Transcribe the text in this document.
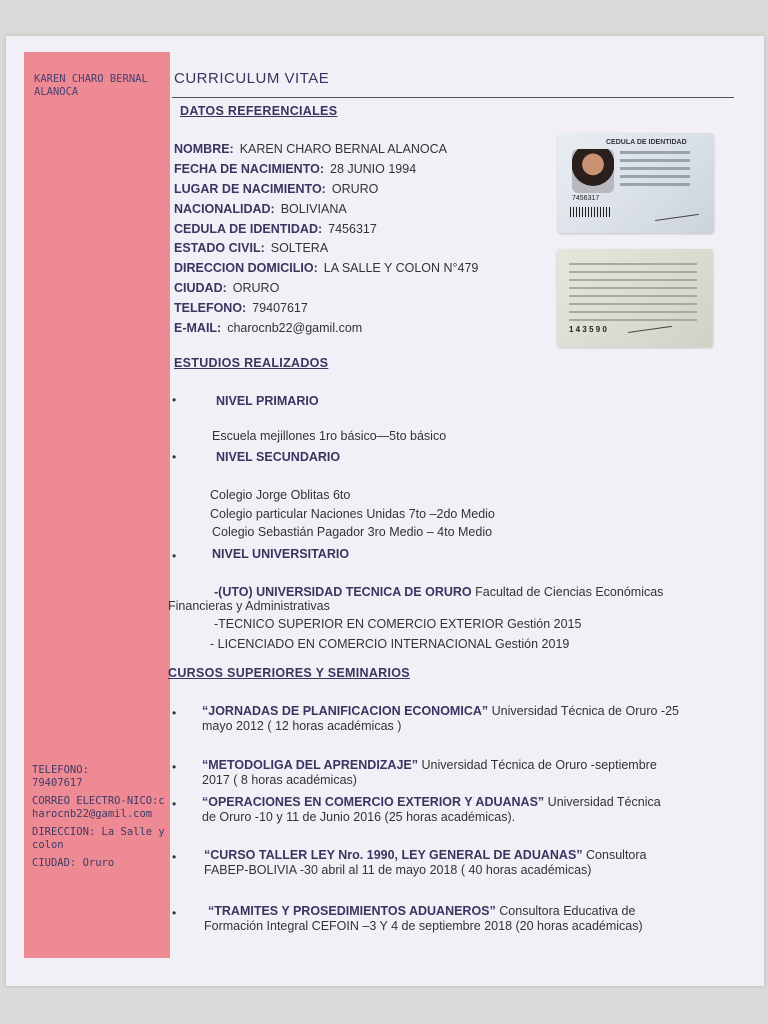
KAREN CHARO BERNAL ALANOCA
TELEFONO:
79407617
CORREO ELECTRO-NICO:charocnb22@gamil.com
DIRECCION: La Salle y colon
CIUDAD: Oruro
CURRICULUM VITAE
DATOS REFERENCIALES
NOMBRE: KAREN CHARO BERNAL ALANOCA
FECHA DE NACIMIENTO: 28 JUNIO 1994
LUGAR DE NACIMIENTO: ORURO
NACIONALIDAD: BOLIVIANA
CEDULA DE IDENTIDAD: 7456317
ESTADO CIVIL: SOLTERA
DIRECCION DOMICILIO: LA SALLE Y COLON N°479
CIUDAD: ORURO
TELEFONO: 79407617
E-MAIL: charocnb22@gamil.com
CEDULA DE IDENTIDAD
7456317
1 4 3 5 9 0
ESTUDIOS REALIZADOS
•	NIVEL PRIMARIO
Escuela mejillones 1ro básico—5to básico
•	NIVEL SECUNDARIO
Colegio Jorge Oblitas 6to
Colegio particular Naciones Unidas 7to –2do Medio
Colegio Sebastián Pagador 3ro Medio – 4to Medio
•	NIVEL UNIVERSITARIO
-(UTO) UNIVERSIDAD TECNICA DE ORURO Facultad de Ciencias Económicas
Financieras y Administrativas
-TECNICO SUPERIOR EN COMERCIO EXTERIOR Gestión 2015
- LICENCIADO EN COMERCIO INTERNACIONAL Gestión 2019
CURSOS SUPERIORES Y SEMINARIOS
• “JORNADAS DE PLANIFICACION ECONOMICA” Universidad Técnica de Oruro -25
mayo 2012 ( 12 horas académicas )
• “METODOLIGA DEL APRENDIZAJE” Universidad Técnica de Oruro -septiembre
2017 ( 8 horas académicas)
• “OPERACIONES EN COMERCIO EXTERIOR Y ADUANAS” Universidad Técnica
de Oruro -10 y 11 de Junio 2016 (25 horas académicas).
• “CURSO TALLER LEY Nro. 1990, LEY GENERAL DE ADUANAS” Consultora
FABEP-BOLIVIA -30 abril al 11 de mayo 2018 ( 40 horas académicas)
•	“TRAMITES Y PROSEDIMIENTOS ADUANEROS” Consultora Educativa de
Formación Integral CEFOIN –3 Y 4 de septiembre 2018 (20 horas académicas)
